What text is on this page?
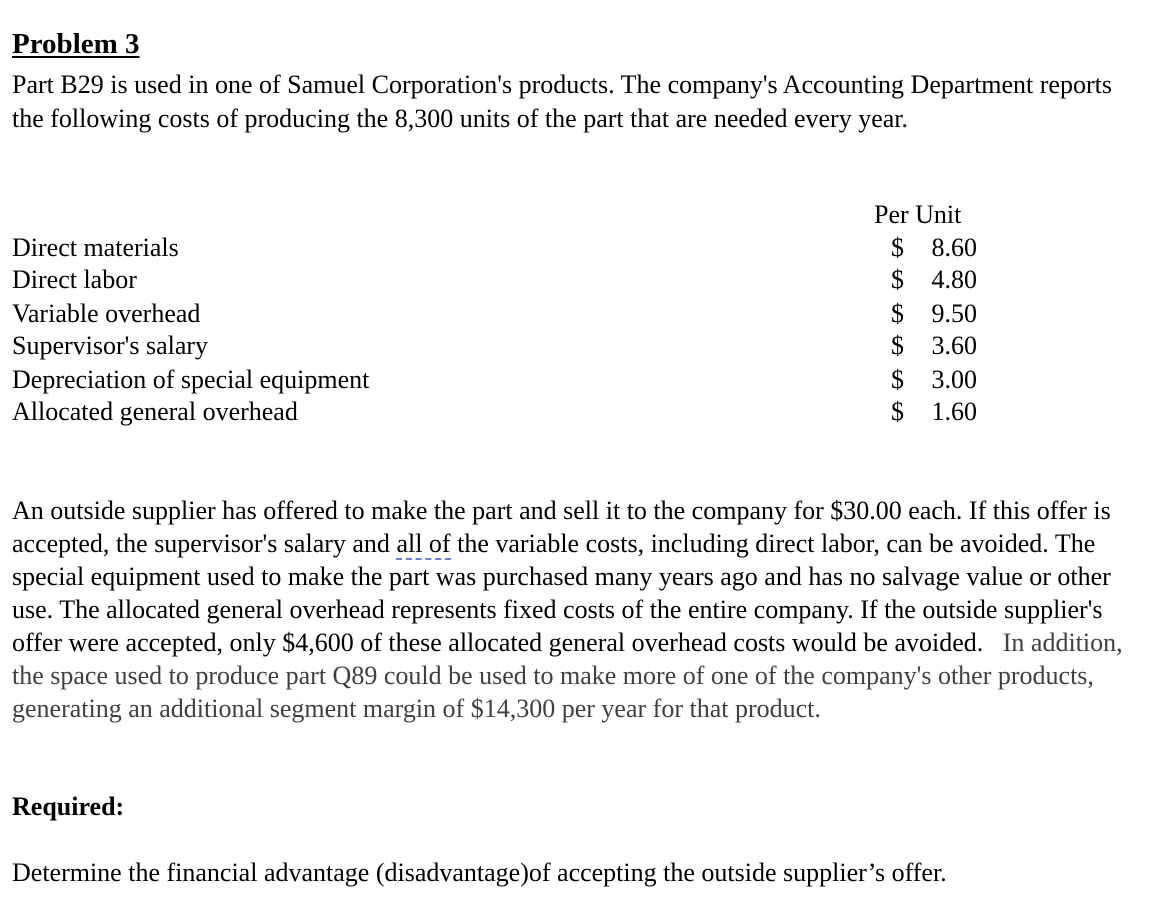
Problem 3
Part B29 is used in one of Samuel Corporation's products. The company's Accounting Department reports the following costs of producing the 8,300 units of the part that are needed every year.
Per Unit
Direct materials	$	8.60
Direct labor	$	4.80
Variable overhead	$	9.50
Supervisor's salary	$	3.60
Depreciation of special equipment	$	3.00
Allocated general overhead	$	1.60
An outside supplier has offered to make the part and sell it to the company for $30.00 each. If this offer is accepted, the supervisor's salary and all of the variable costs, including direct labor, can be avoided. The special equipment used to make the part was purchased many years ago and has no salvage value or other use. The allocated general overhead represents fixed costs of the entire company. If the outside supplier's offer were accepted, only $4,600 of these allocated general overhead costs would be avoided. In addition, the space used to produce part Q89 could be used to make more of one of the company's other products, generating an additional segment margin of $14,300 per year for that product.
Required:
Determine the financial advantage (disadvantage)of accepting the outside supplier’s offer.
